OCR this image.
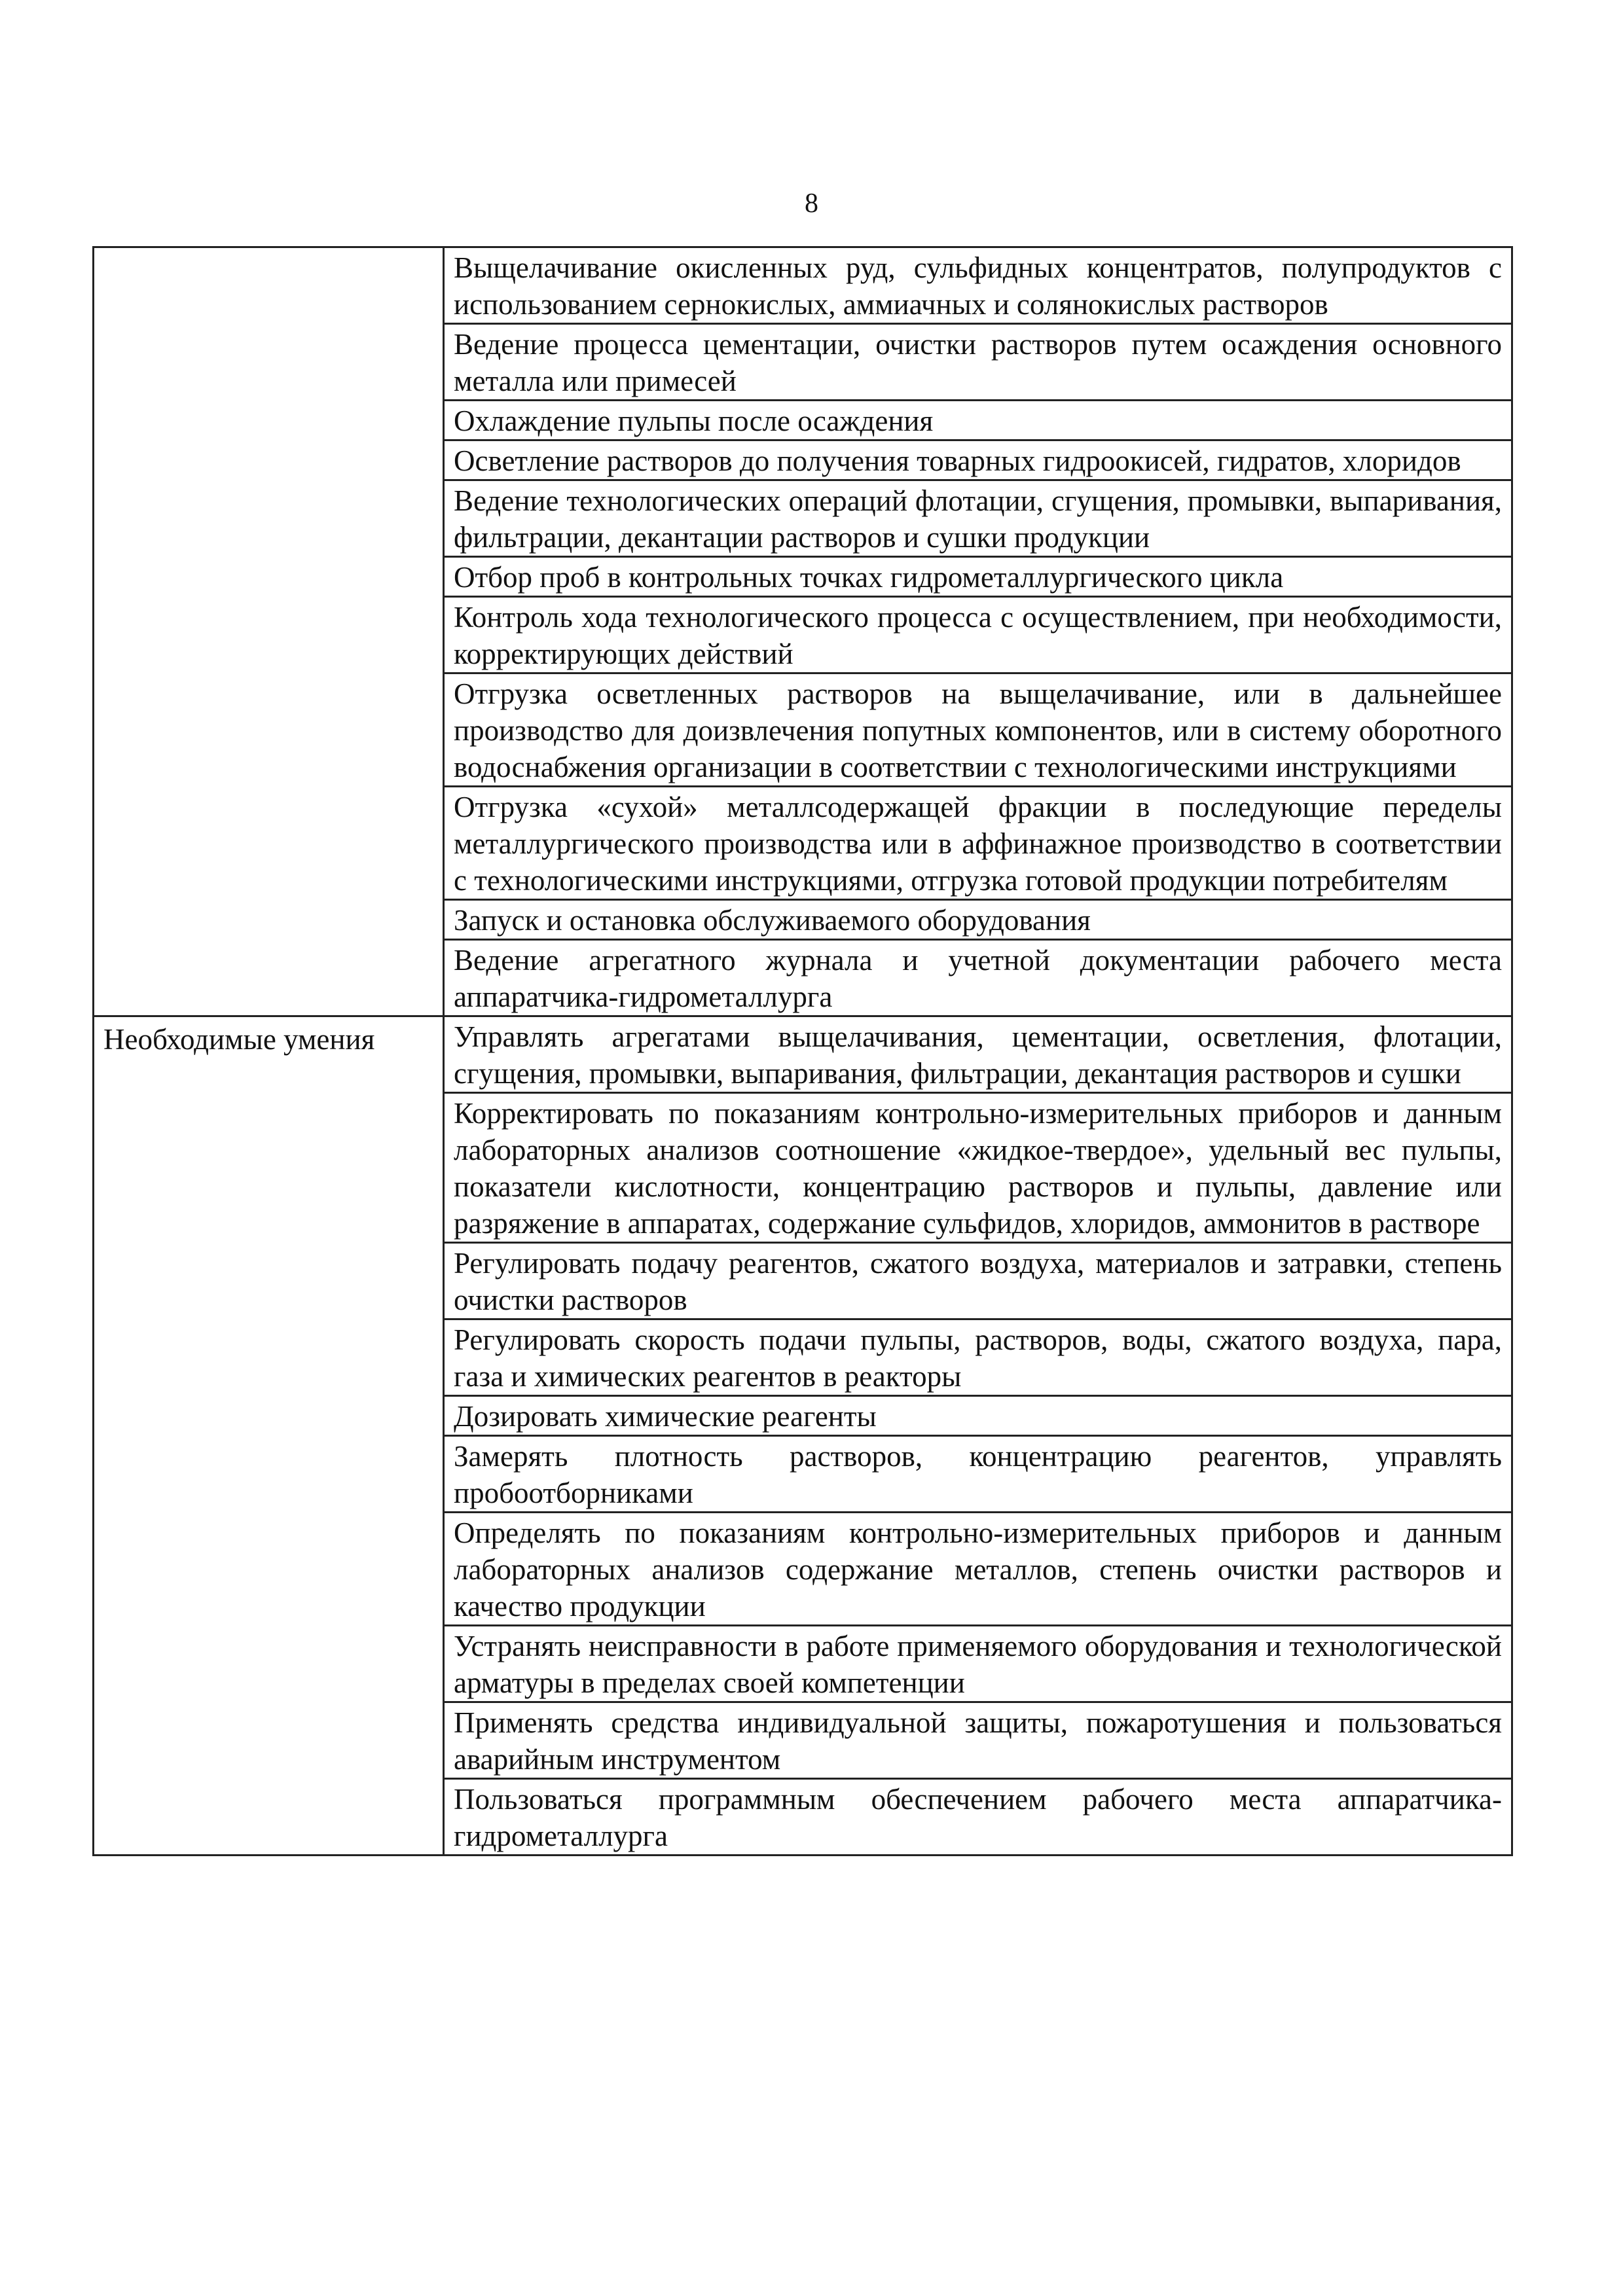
8

	Выщелачивание окисленных руд, сульфидных концентратов, полупродуктов с использованием сернокислых, аммиачных и солянокислых растворов

	Ведение процесса цементации, очистки растворов путем осаждения основного металла или примесей

	Охлаждение пульпы после осаждения

	Осветление растворов до получения товарных гидроокисей, гидратов, хлоридов

	Ведение технологических операций флотации, сгущения, промывки, выпаривания, фильтрации, декантации растворов и сушки продукции

	Отбор проб в контрольных точках гидрометаллургического цикла

	Контроль хода технологического процесса с осуществлением, при необходимости, корректирующих действий

	Отгрузка осветленных растворов на выщелачивание, или в дальнейшее производство для доизвлечения попутных компонентов, или в систему оборотного водоснабжения организации в соответствии с технологическими инструкциями

	Отгрузка «сухой» металлсодержащей фракции в последующие переделы металлургического производства или в аффинажное производство в соответствии с технологическими инструкциями, отгрузка готовой продукции потребителям

	Запуск и остановка обслуживаемого оборудования

	Ведение агрегатного журнала и учетной документации рабочего места аппаратчика-гидрометаллурга

Необходимые умения	Управлять агрегатами выщелачивания, цементации, осветления, флотации, сгущения, промывки, выпаривания, фильтрации, декантация растворов и сушки

	Корректировать по показаниям контрольно-измерительных приборов и данным лабораторных анализов соотношение «жидкое-твердое», удельный вес пульпы, показатели кислотности, концентрацию растворов и пульпы, давление или разряжение в аппаратах, содержание сульфидов, хлоридов, аммонитов в растворе

	Регулировать подачу реагентов, сжатого воздуха, материалов и затравки, степень очистки растворов

	Регулировать скорость подачи пульпы, растворов, воды, сжатого воздуха, пара, газа и химических реагентов в реакторы

	Дозировать химические реагенты

	Замерять плотность растворов, концентрацию реагентов, управлять пробоотборниками

	Определять по показаниям контрольно-измерительных приборов и данным лабораторных анализов содержание металлов, степень очистки растворов и качество продукции

	Устранять неисправности в работе применяемого оборудования и технологической арматуры в пределах своей компетенции

	Применять средства индивидуальной защиты, пожаротушения и пользоваться аварийным инструментом

	Пользоваться программным обеспечением рабочего места аппаратчика-гидрометаллурга
